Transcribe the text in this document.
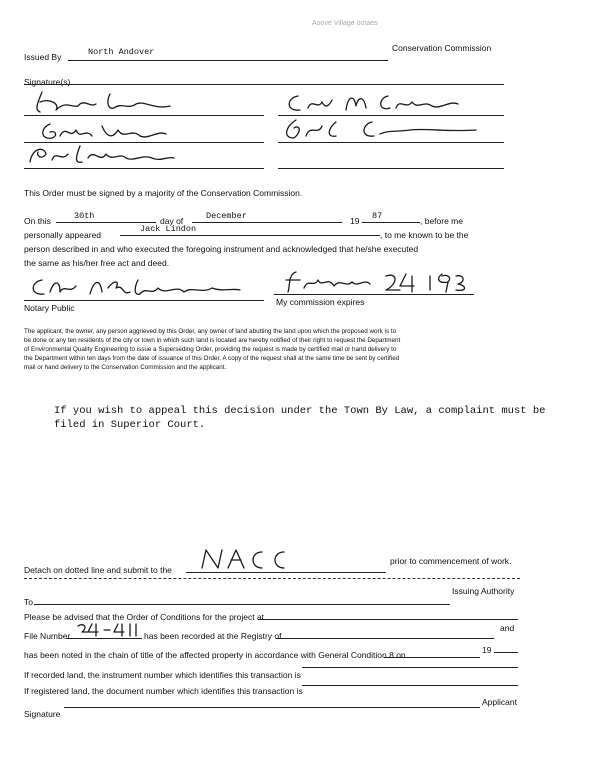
Aoove Village ootaes
Issued By	North Andover	Conservation Commission
Signature(s)
This Order must be signed by a majority of the Conservation Commission.
On this	30th	day of	December	19 87	, before me
personally appeared
Jack Lindon
, to me known to be the
person described in and who executed the foregoing instrument and acknowledged that he/she executed
the same as his/her free act and deed.
Notary Public
My commission expires
The applicant, the owner, any person aggrieved by this Order, any owner of land abutting the land upon which the proposed work is to
be done or any ten residents of the city or town in which such land is located are hereby notified of their right to request the Department
of Environmental Quality Engineering to issue a Superseding Order, providing the request is made by certified mail or hand delivery to
the Department within ten days from the date of issuance of this Order. A copy of the request shall at the same time be sent by certified
mail or hand delivery to the Conservation Commission and the applicant.
If you wish to appeal this decision under the Town By Law, a complaint must be
filed in Superior Court.
Detach on dotted line and submit to the
prior to commencement of work.
To
Issuing Authority
Please be advised that the Order of Conditions for the project at
File Number	has been recorded at the Registry of
and
has been noted in the chain of title of the affected property in accordance with General Condition 8 on	19
If recorded land, the instrument number which identifies this transaction is
If registered land, the document number which identifies this transaction is
Signature
Applicant
